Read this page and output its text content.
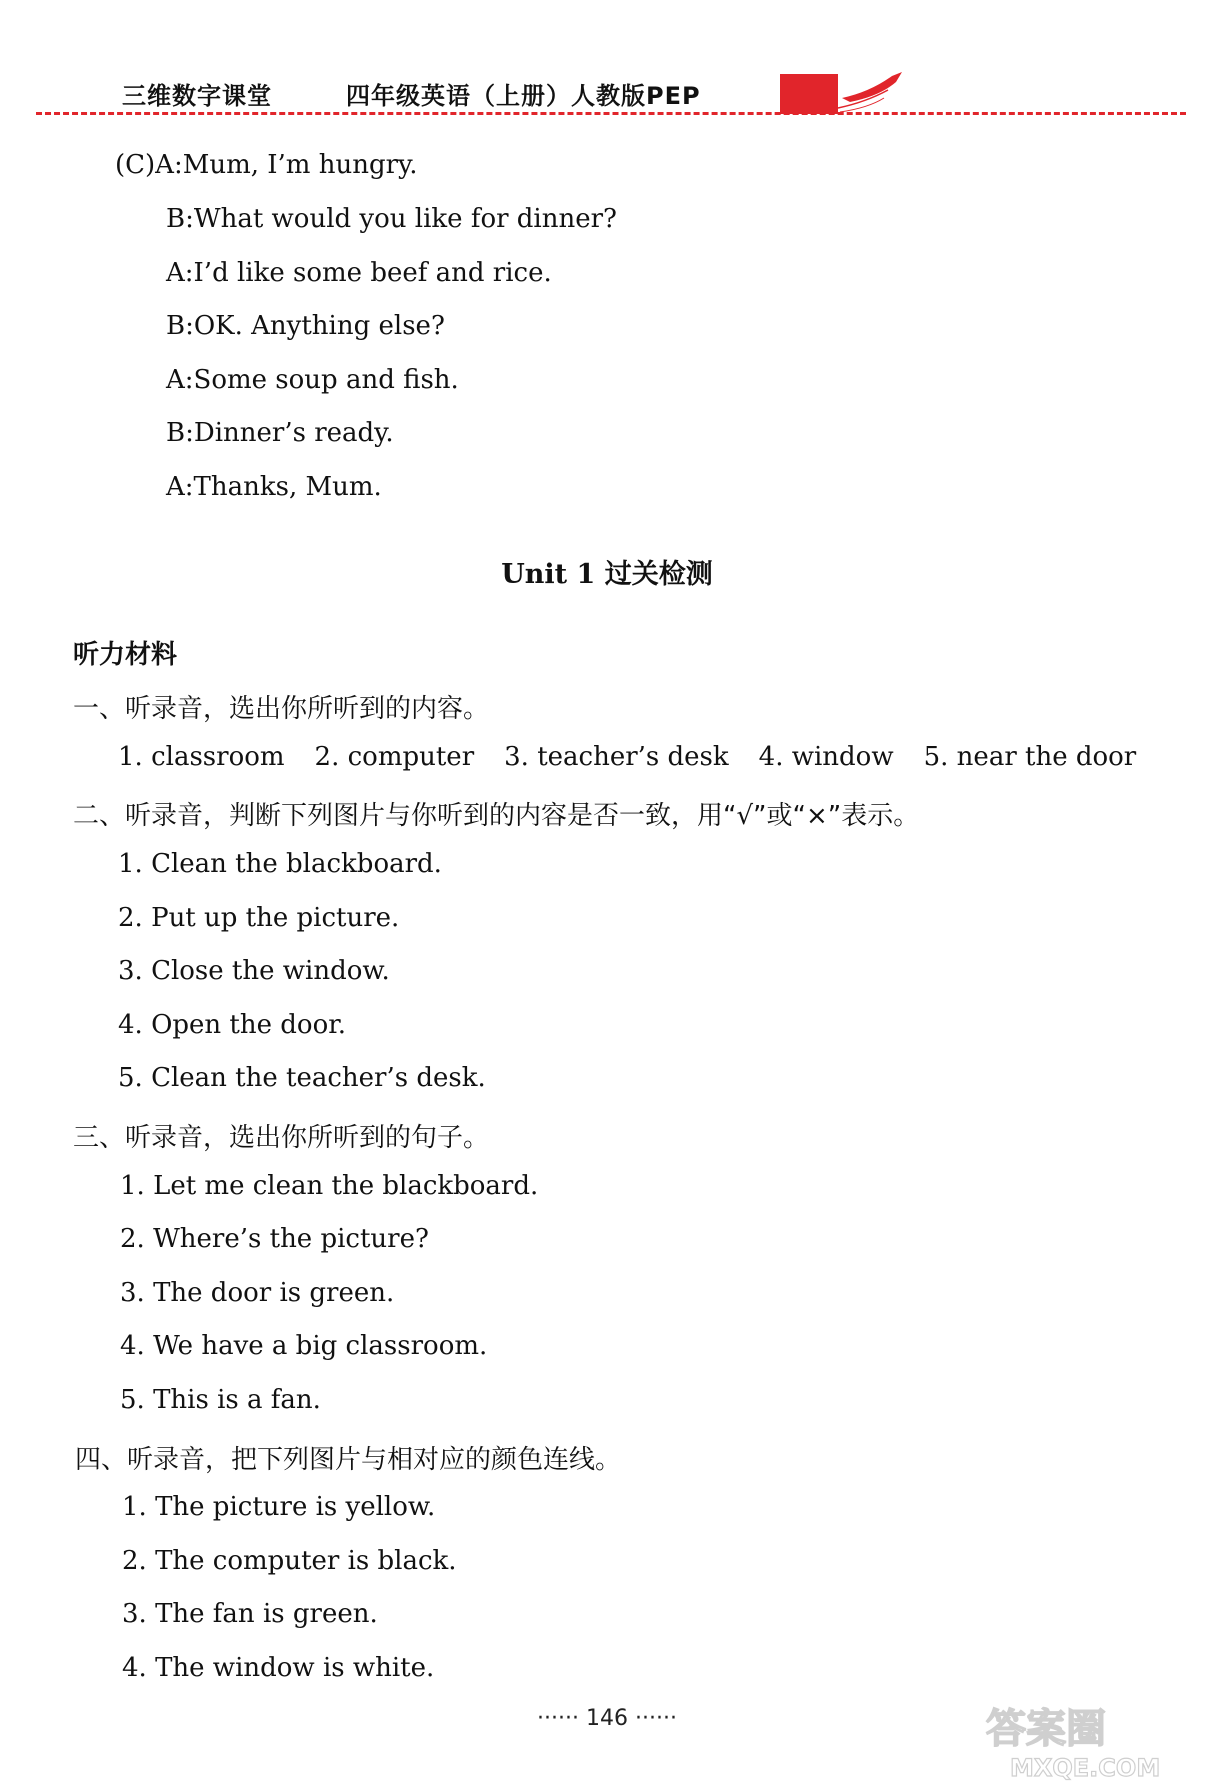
三维数字课堂	四年级英语（上册）人教版PEP
(C)A:Mum, I’m hungry.
B:What would you like for dinner?
A:I’d like some beef and rice.
B:OK. Anything else?
A:Some soup and fish.
B:Dinner’s ready.
A:Thanks, Mum.
Unit 1 过关检测
听力材料
一、听录音，选出你所听到的内容。
1. classroom 2. computer 3. teacher’s desk 4. window 5. near the door
二、听录音，判断下列图片与你听到的内容是否一致，用“√”或“×”表示。
1. Clean the blackboard.
2. Put up the picture.
3. Close the window.
4. Open the door.
5. Clean the teacher’s desk.
三、听录音，选出你所听到的句子。
1. Let me clean the blackboard.
2. Where’s the picture?
3. The door is green.
4. We have a big classroom.
5. This is a fan.
四、听录音，把下列图片与相对应的颜色连线。
1. The picture is yellow.
2. The computer is black.
3. The fan is green.
4. The window is white.
······ 146 ······	答案圈
MXQE.COM
